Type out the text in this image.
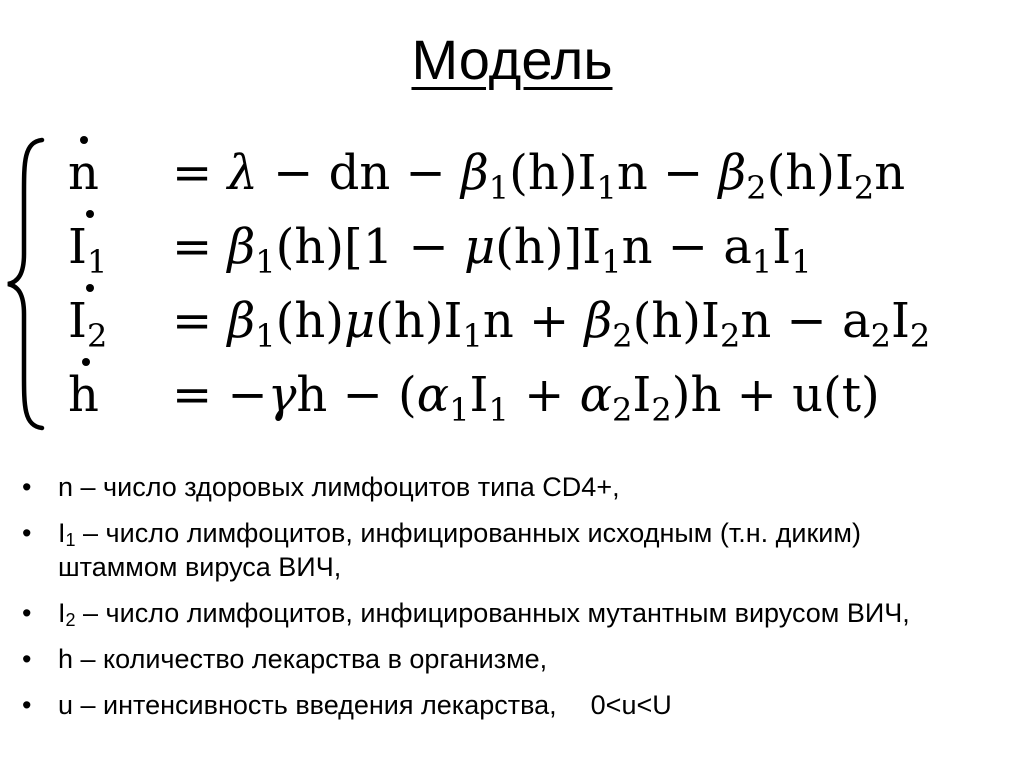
Модель
n	= λ − dn − $\beta_1(h)I_1n - \beta_2(h)I_2n$
$I_1$	= $\beta_1(h)[1 - \mu(h)]I_1n - a_1I_1$
$I_2$	= $\beta_1(h)\mu(h)I_1n + \beta_2(h)I_2n - a_2I_2$
h	= $-\gamma h - (\alpha_1I_1 + \alpha_2I_2)h + u(t)$
• n – число здоровых лимфоцитов типа CD4+,
• $I_1$ – число лимфоцитов, инфицированных исходным (т.н. диким) штаммом вируса ВИЧ,
• $I_2$ – число лимфоцитов, инфицированных мутантным вирусом ВИЧ,
• h – количество лекарства в организме,
• u – интенсивность введения лекарства, 0<u<U
